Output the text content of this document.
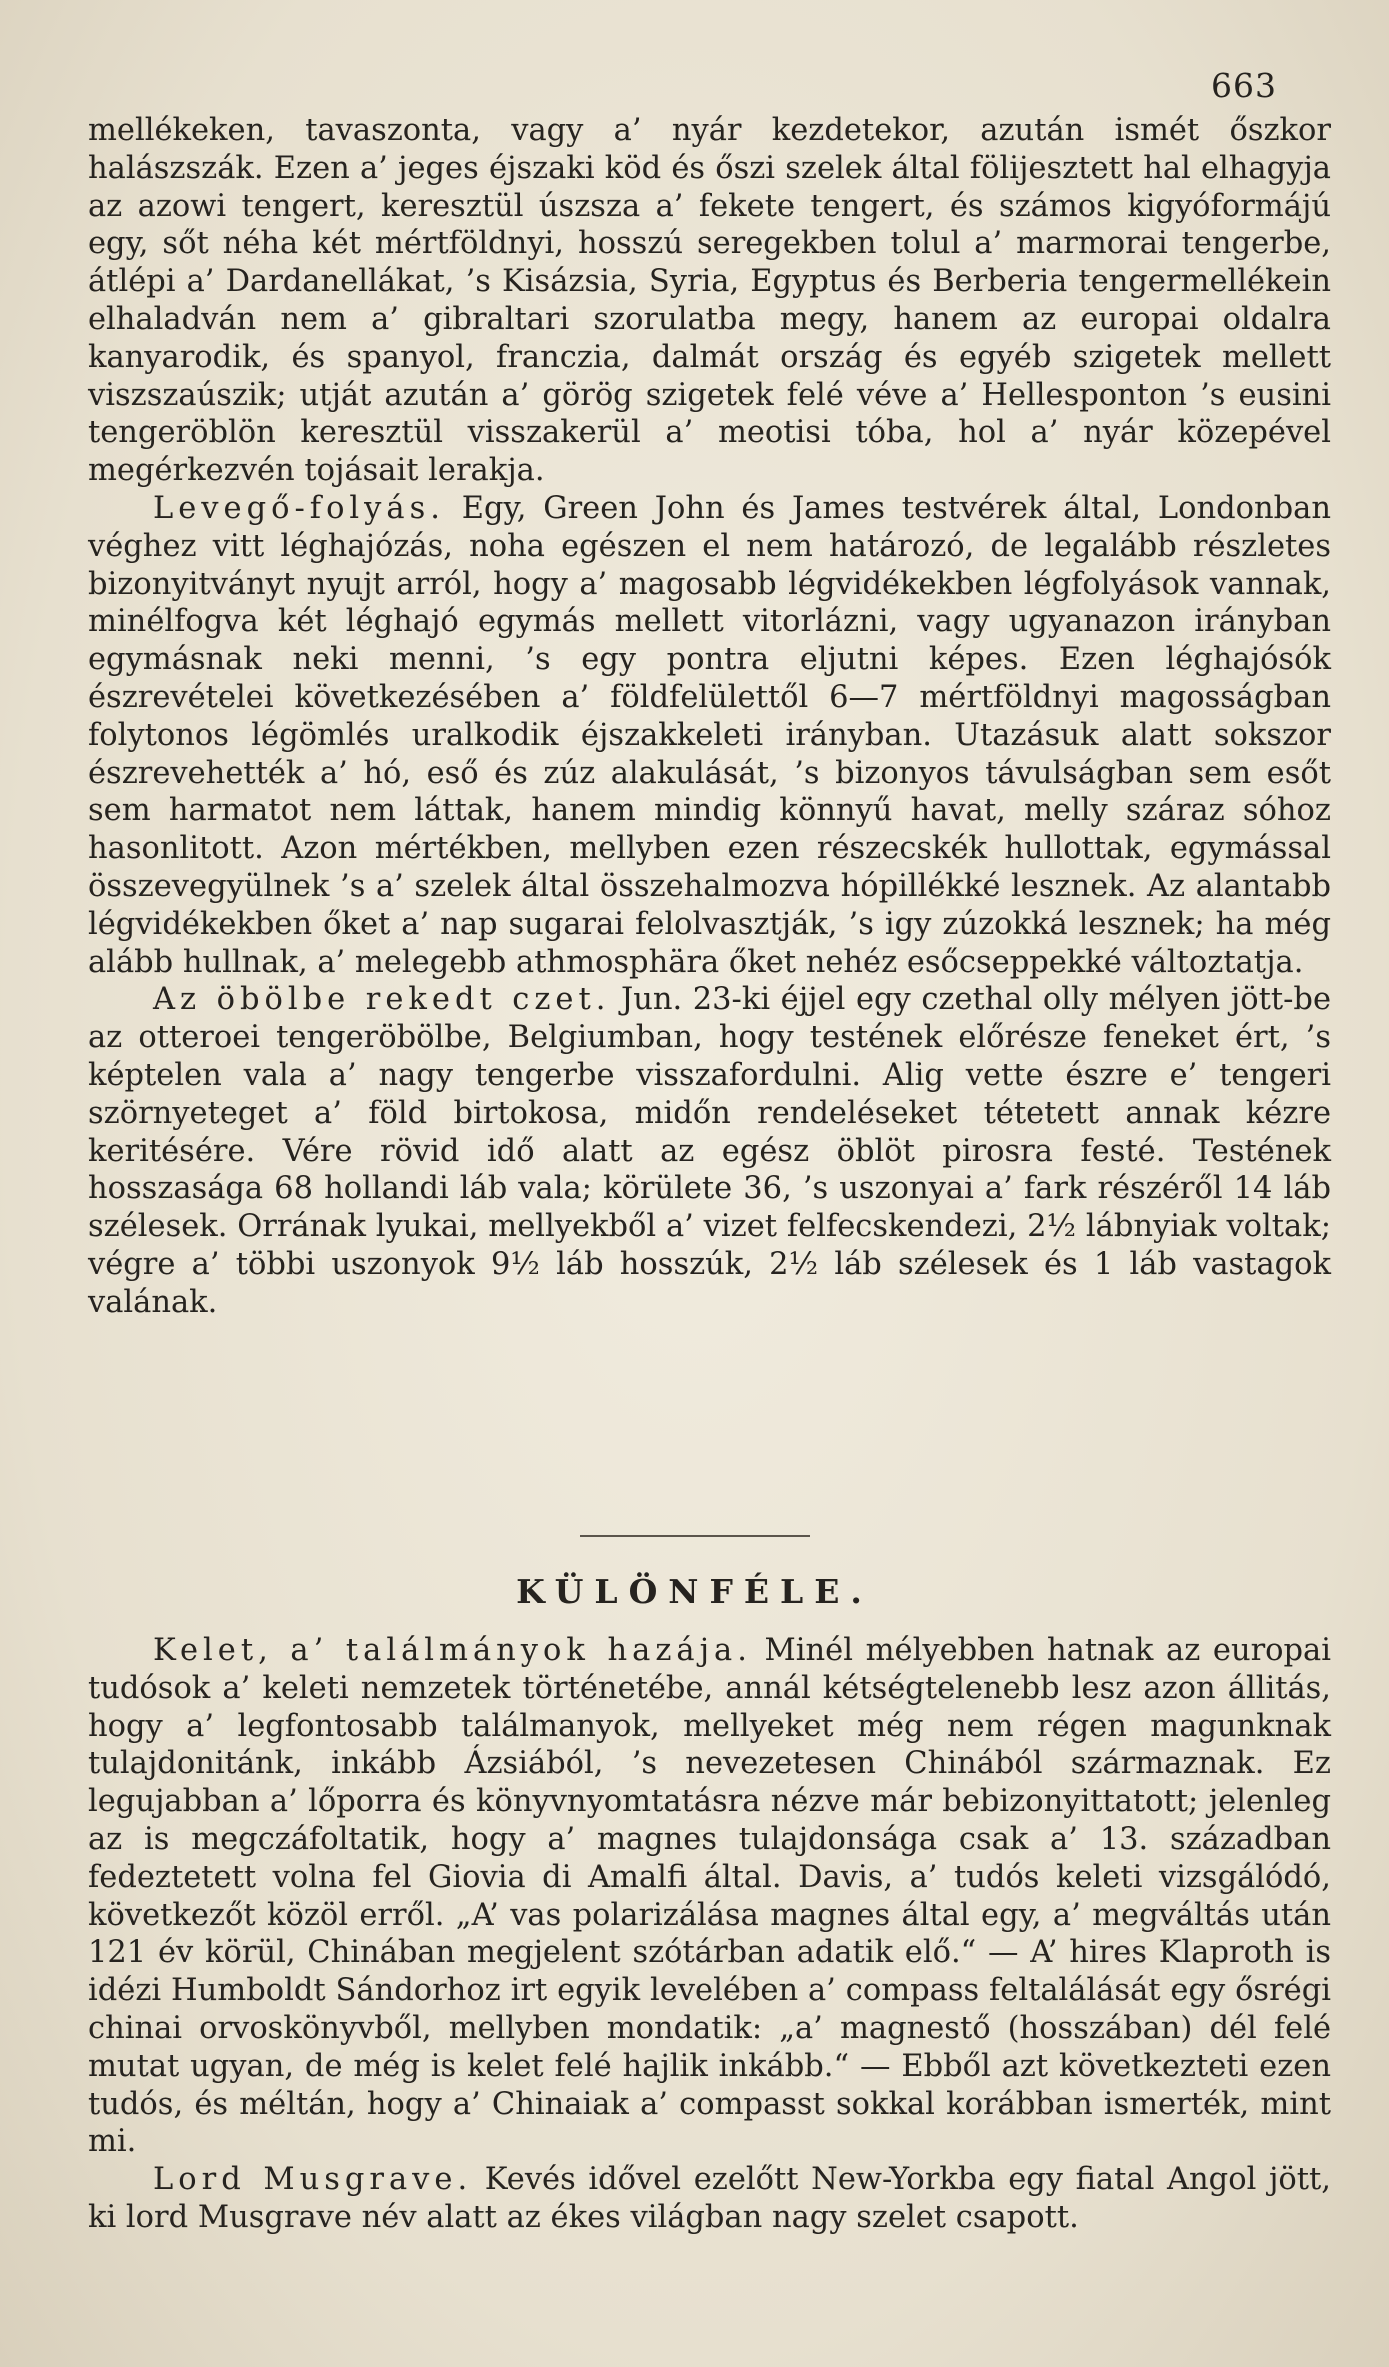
663

mellékeken, tavaszonta, vagy a’ nyár kezdetekor, azután ismét őszkor halászszák. Ezen a’ jeges éjszaki köd és őszi szelek által fölijesztett hal elhagyja az azowi tengert, keresztül úszsza a’ fekete tengert, és számos kigyóformájú egy, sőt néha két mértföldnyi, hosszú seregekben tolul a’ marmorai tengerbe, átlépi a’ Dardanellákat, ’s Kisázsia, Syria, Egyptus és Berberia tengermellékein elhaladván nem a’ gibraltari szorulatba megy, hanem az europai oldalra kanyarodik, és spanyol, franczia, dalmát ország és egyéb szigetek mellett viszszaúszik; utját azután a’ görög szigetek felé véve a’ Hellesponton ’s eusini tengeröblön keresztül visszakerül a’ meotisi tóba, hol a’ nyár közepével megérkezvén tojásait lerakja.

Levegő-folyás. Egy, Green John és James testvérek által, Londonban véghez vitt léghajózás, noha egészen el nem határozó, de legalább részletes bizonyitványt nyujt arról, hogy a’ magosabb légvidékekben légfolyások vannak, minélfogva két léghajó egymás mellett vitorlázni, vagy ugyanazon irányban egymásnak neki menni, ’s egy pontra eljutni képes. Ezen léghajósók észrevételei következésében a’ földfelülettől 6—7 mértföldnyi magosságban folytonos légömlés uralkodik éjszakkeleti irányban. Utazásuk alatt sokszor észrevehették a’ hó, eső és zúz alakulását, ’s bizonyos távulságban sem esőt sem harmatot nem láttak, hanem mindig könnyű havat, melly száraz sóhoz hasonlitott. Azon mértékben, mellyben ezen részecskék hullottak, egymással összevegyülnek ’s a’ szelek által összehalmozva hópillékké lesznek. Az alantabb légvidékekben őket a’ nap sugarai felolvasztják, ’s igy zúzokká lesznek; ha még alább hullnak, a’ melegebb athmosphära őket nehéz esőcseppekké változtatja.

Az öbölbe rekedt czet. Jun. 23-ki éjjel egy czethal olly mélyen jött-be az otteroei tengeröbölbe, Belgiumban, hogy testének előrésze feneket ért, ’s képtelen vala a’ nagy tengerbe visszafordulni. Alig vette észre e’ tengeri szörnyeteget a’ föld birtokosa, midőn rendeléseket tétetett annak kézre keritésére. Vére rövid idő alatt az egész öblöt pirosra festé. Testének hosszasága 68 hollandi láb vala; körülete 36, ’s uszonyai a’ fark részéről 14 láb szélesek. Orrának lyukai, mellyekből a’ vizet felfecskendezi, 2½ lábnyiak voltak; végre a’ többi uszonyok 9½ láb hosszúk, 2½ láb szélesek és 1 láb vastagok valának.

KÜLÖNFÉLE.

Kelet, a’ találmányok hazája. Minél mélyebben hatnak az europai tudósok a’ keleti nemzetek történetébe, annál kétségtelenebb lesz azon állitás, hogy a’ legfontosabb találmanyok, mellyeket még nem régen magunknak tulajdonitánk, inkább Ázsiából, ’s nevezetesen Chinából származnak. Ez legujabban a’ lőporra és könyvnyomtatásra nézve már bebizonyittatott; jelenleg az is megczáfoltatik, hogy a’ magnes tulajdonsága csak a’ 13. században fedeztetett volna fel Giovia di Amalfi által. Davis, a’ tudós keleti vizsgálódó, következőt közöl erről. „A’ vas polarizálása magnes által egy, a’ megváltás után 121 év körül, Chinában megjelent szótárban adatik elő.“ — A’ hires Klaproth is idézi Humboldt Sándorhoz irt egyik levelében a’ compass feltalálását egy ősrégi chinai orvoskönyvből, mellyben mondatik: „a’ magnestő (hosszában) dél felé mutat ugyan, de még is kelet felé hajlik inkább.“ — Ebből azt következteti ezen tudós, és méltán, hogy a’ Chinaiak a’ compasst sokkal korábban ismerték, mint mi.

Lord Musgrave. Kevés idővel ezelőtt New-Yorkba egy fiatal Angol jött, ki lord Musgrave név alatt az ékes világban nagy szelet csapott.
